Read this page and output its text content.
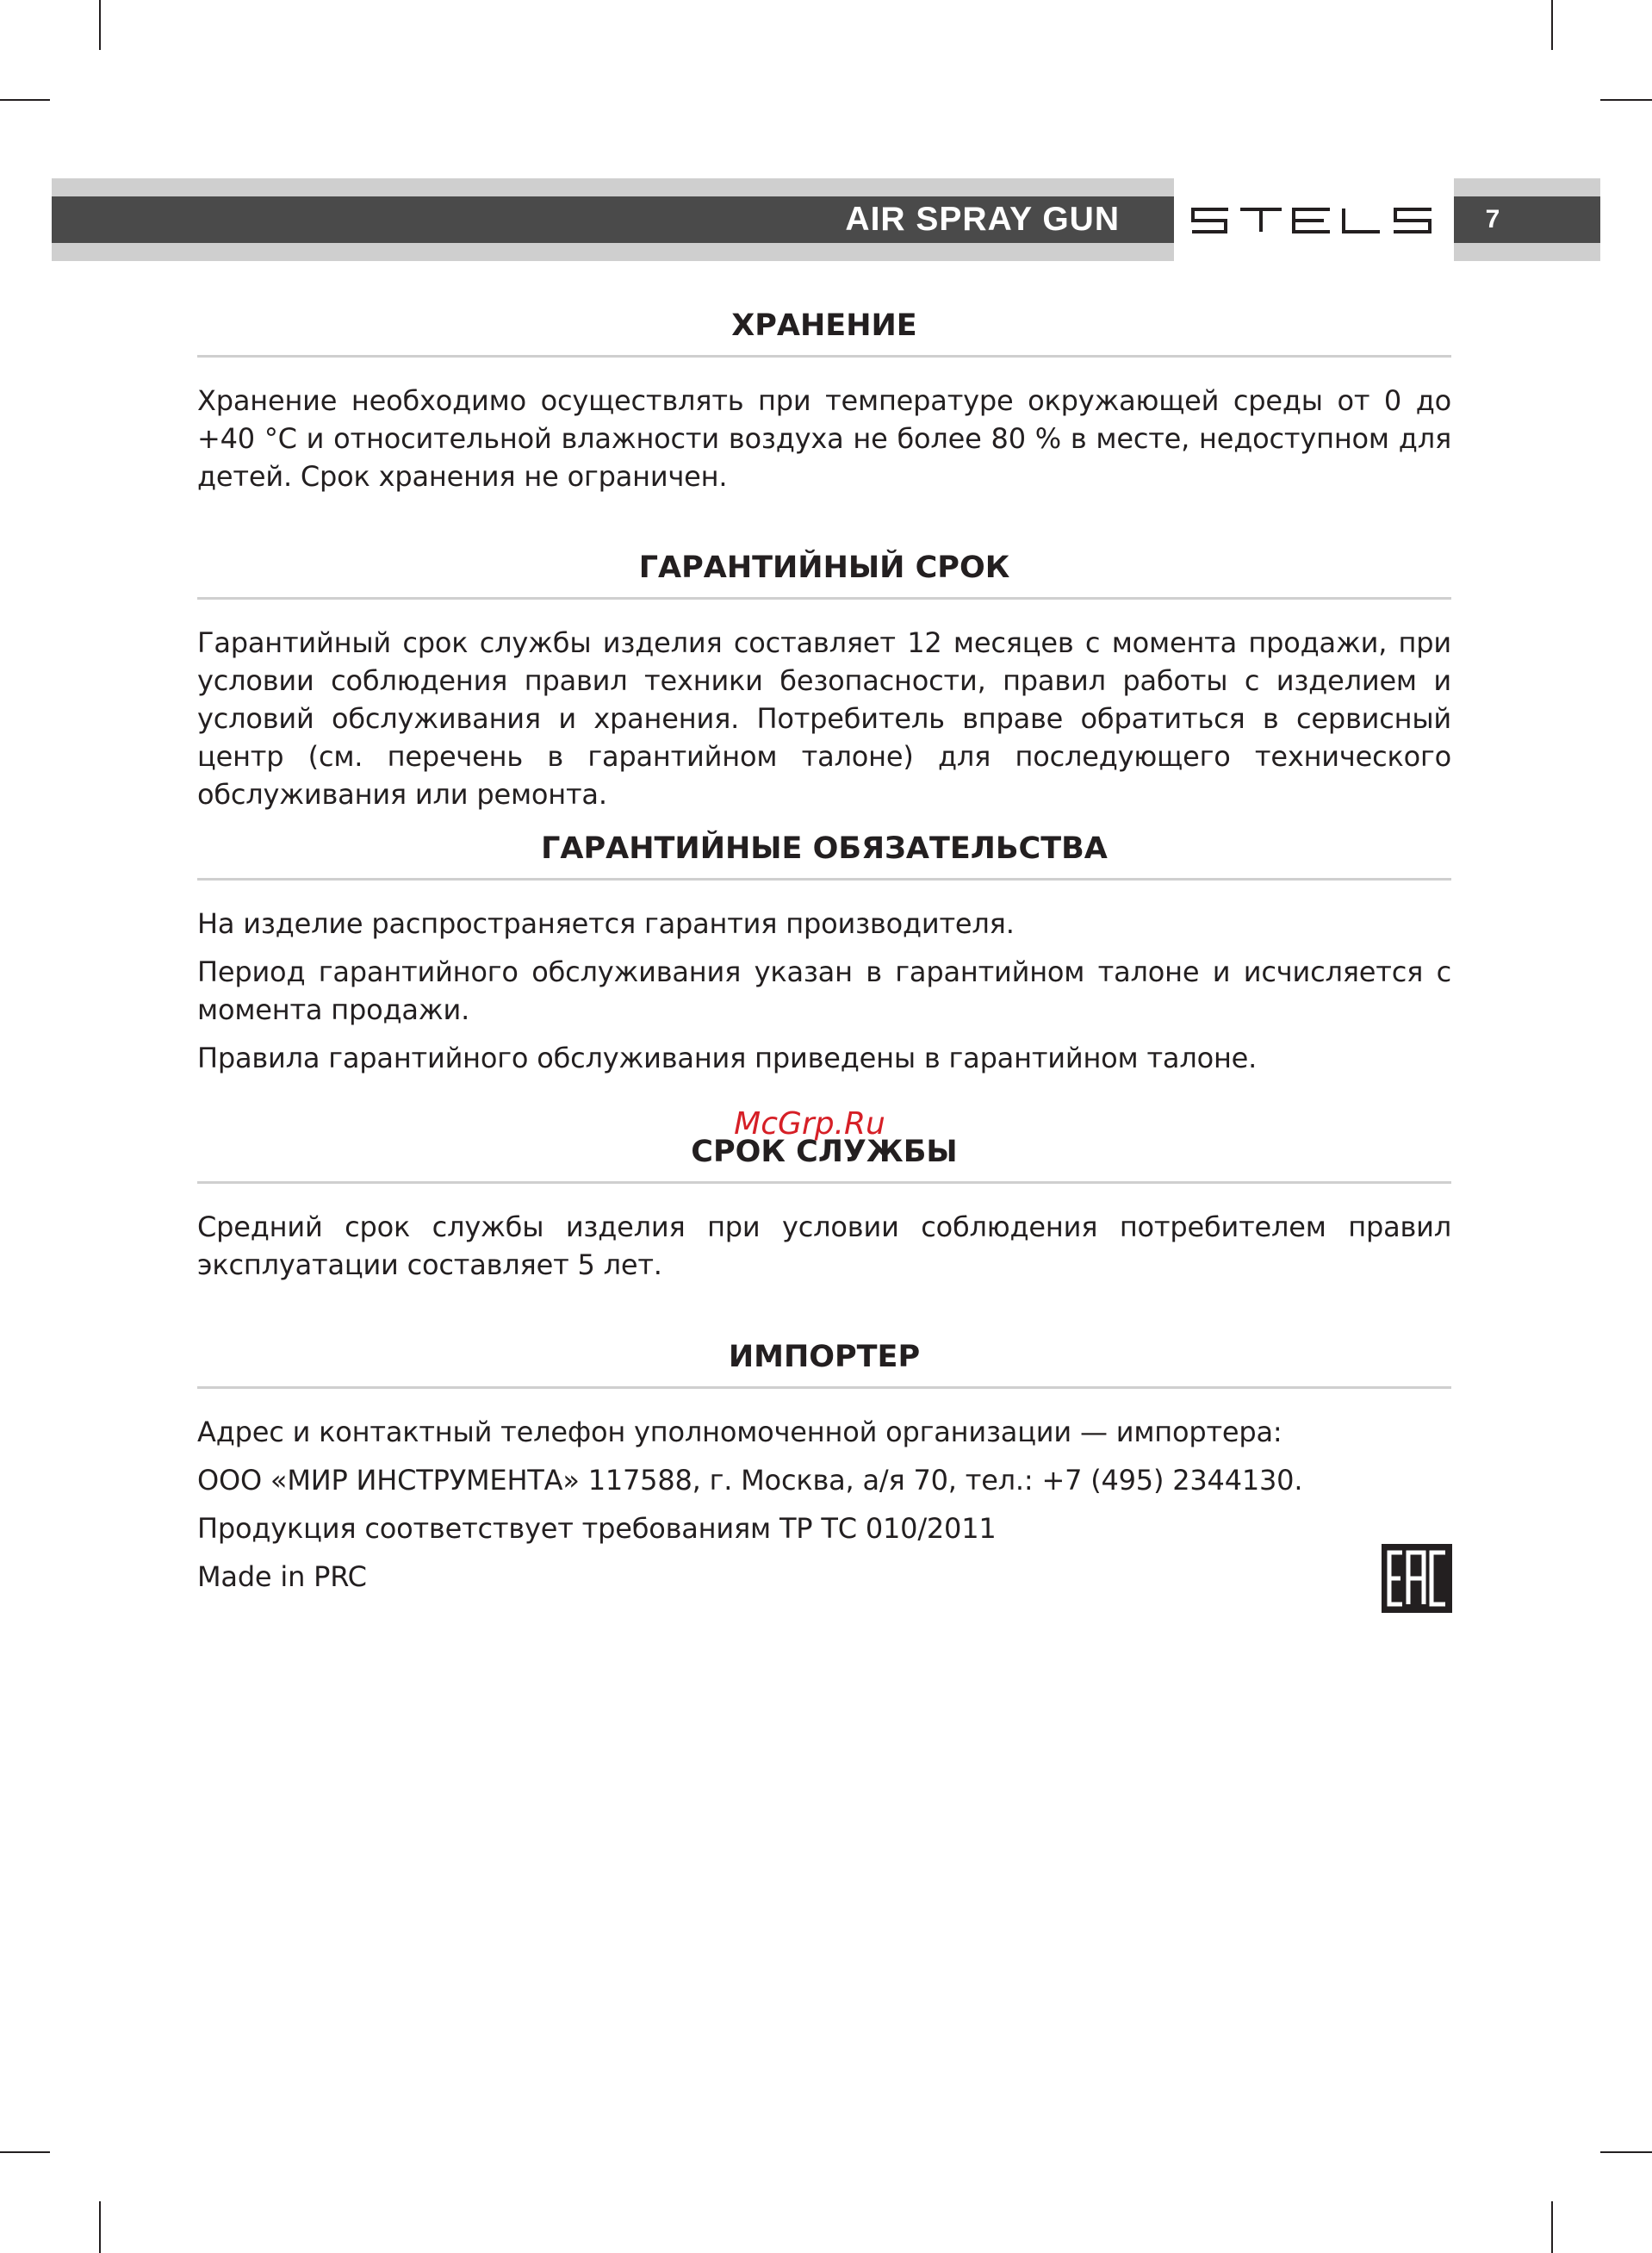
AIR SPRAY GUN	7
ХРАНЕНИЕ

Хранение необходимо осуществлять при температуре окружающей среды от 0 до +40 °C и относительной влажности воздуха не более 80 % в месте, недоступном для детей. Срок хранения не ограничен.

ГАРАНТИЙНЫЙ СРОК

Гарантийный срок службы изделия составляет 12 месяцев с момента продажи, при условии соблюдения правил техники безопасности, правил работы с изделием и условий обслуживания и хранения. Потребитель вправе обратиться в сервисный центр (см. перечень в гарантийном талоне) для последующего технического обслуживания или ремонта.

ГАРАНТИЙНЫЕ ОБЯЗАТЕЛЬСТВА

На изделие распространяется гарантия производителя.

Период гарантийного обслуживания указан в гарантийном талоне и исчисляется с момента продажи.

Правила гарантийного обслуживания приведены в гарантийном талоне.

СРОК СЛУЖБЫ

Средний срок службы изделия при условии соблюдения потребителем правил эксплуатации составляет 5 лет.

ИМПОРТЕР

Адрес и контактный телефон уполномоченной организации — импортера:

ООО «МИР ИНСТРУМЕНТА» 117588, г. Москва, а/я 70, тел.: +7 (495) 2344130.

Продукция соответствует требованиям ТР ТС 010/2011

Made in PRC

McGrp.Ru
